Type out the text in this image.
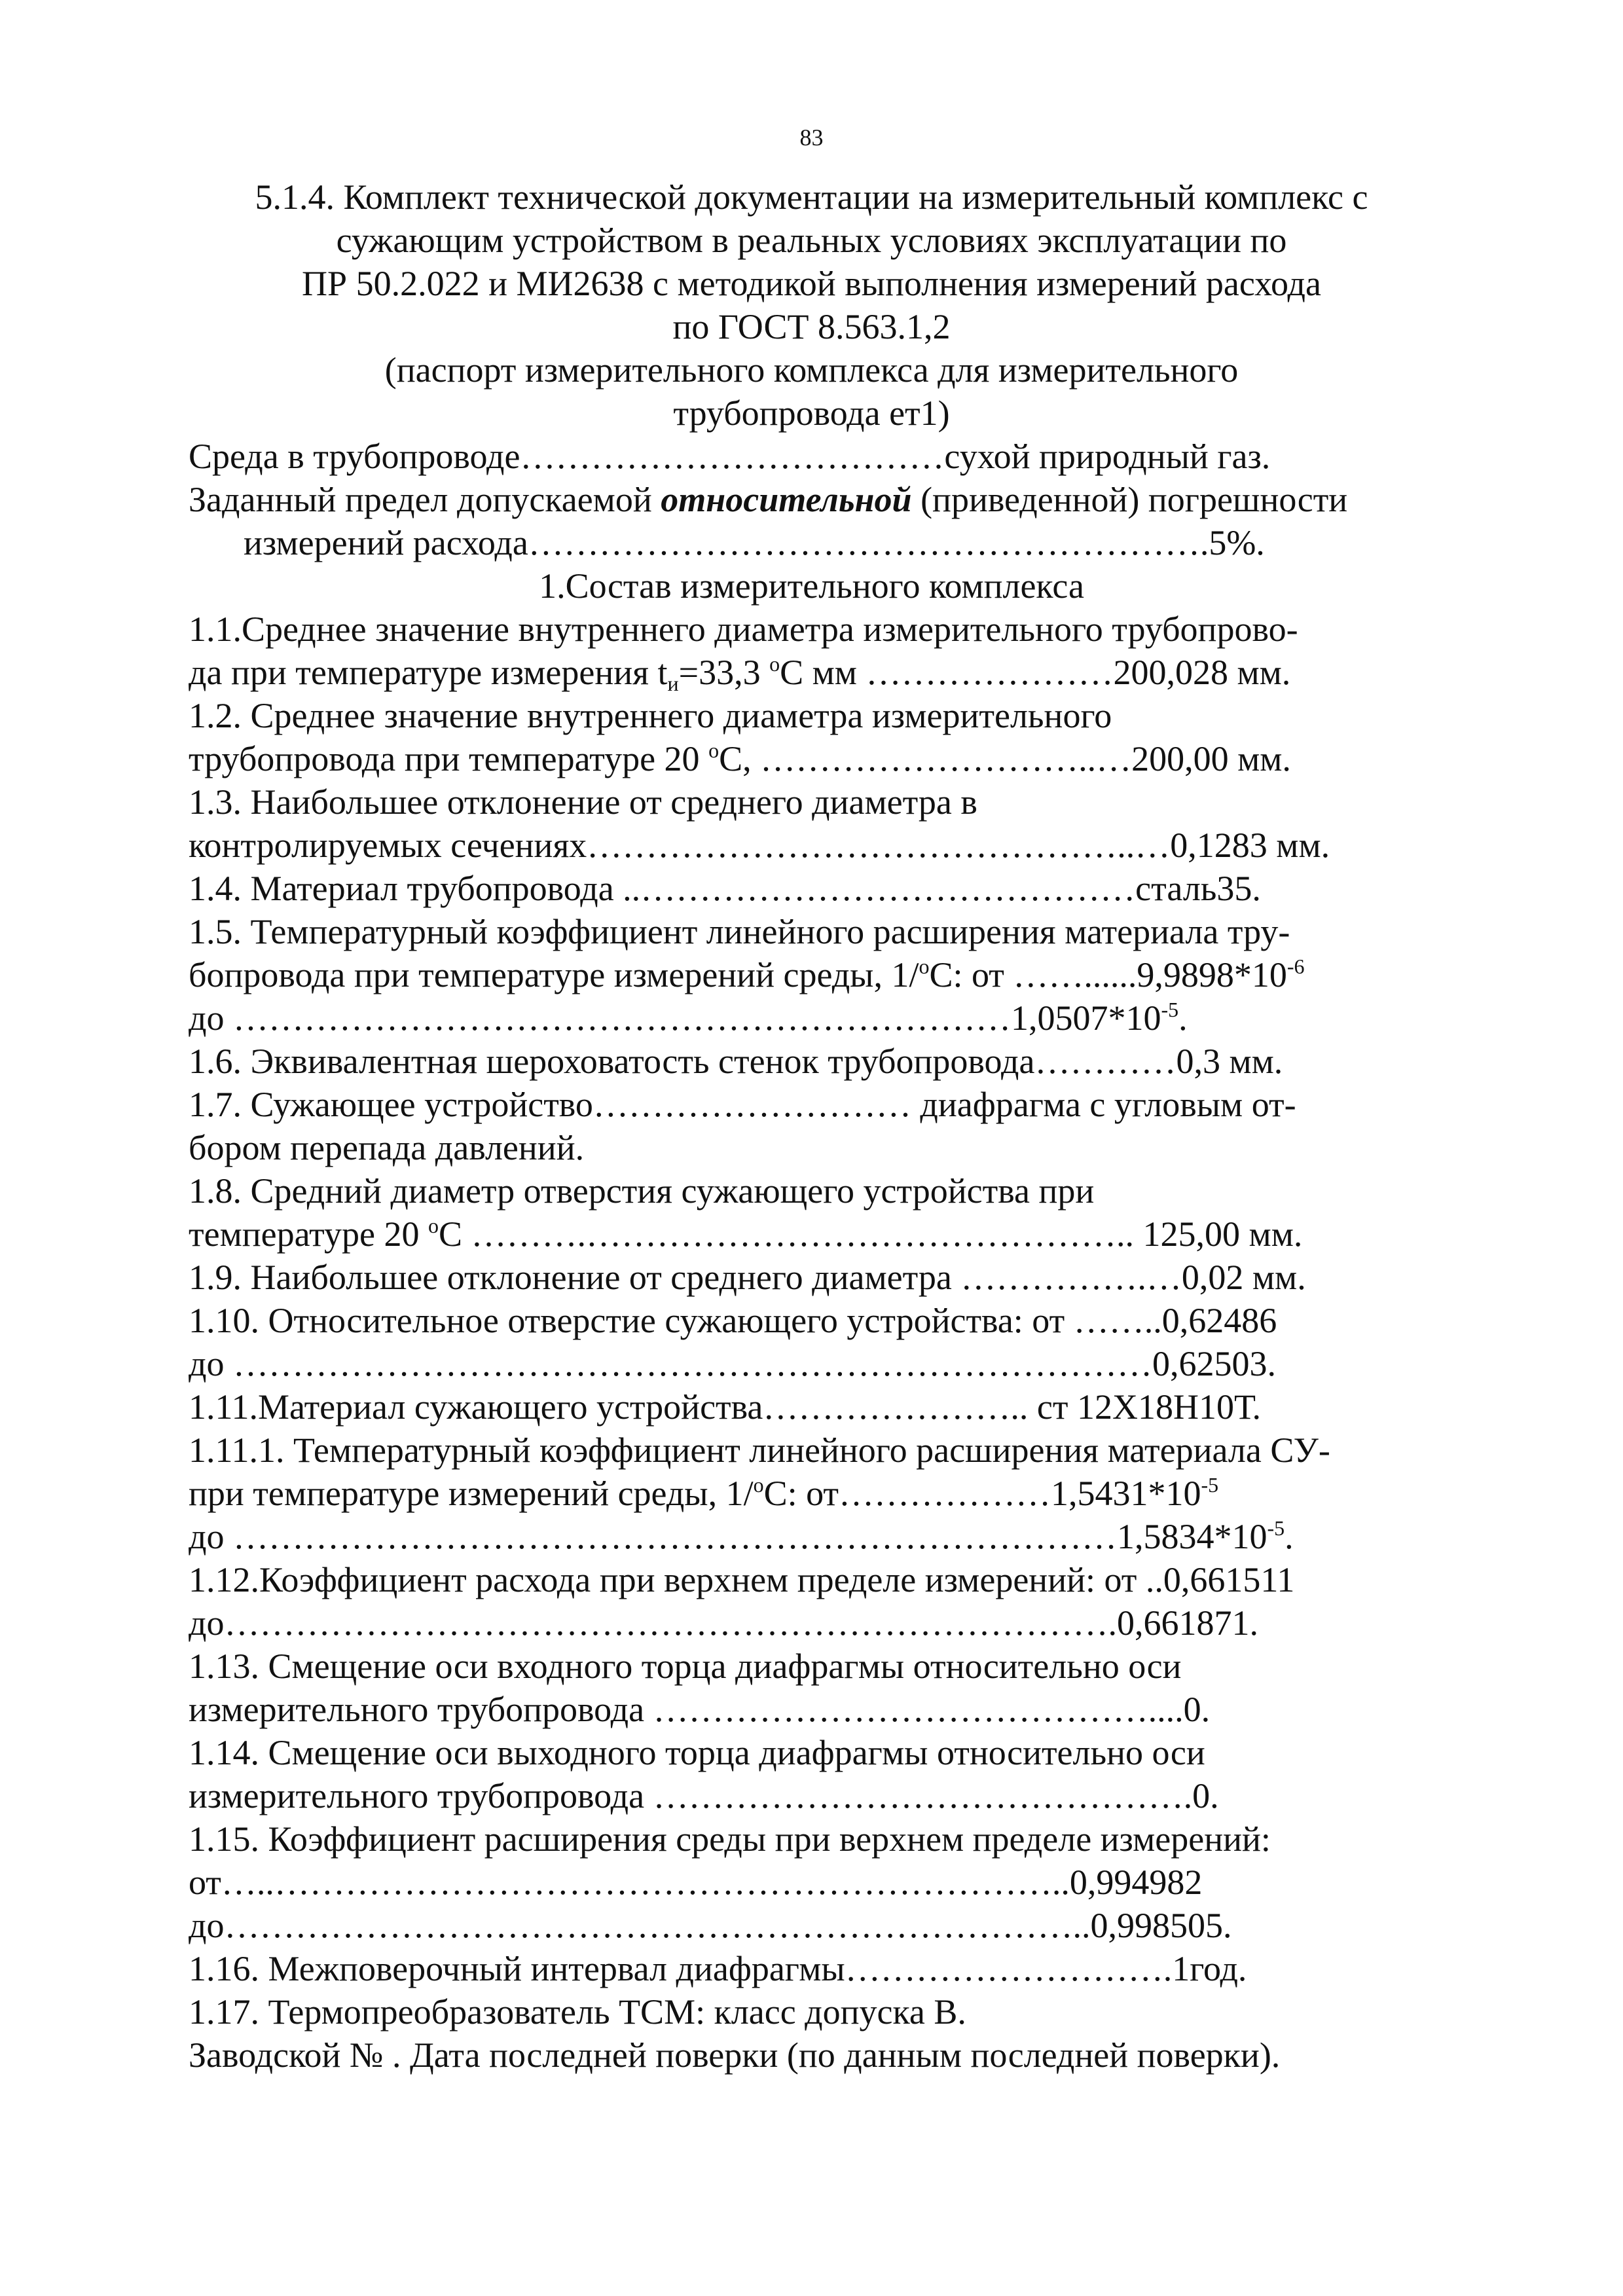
83
5.1.4. Комплект технической документации на измерительный комплекс с
сужающим устройством в реальных условиях эксплуатации по
ПР 50.2.022 и МИ2638 с методикой выполнения измерений расхода
по ГОСТ 8.563.1,2
(паспорт измерительного комплекса для измерительного
трубопровода ет1)
Среда в трубопроводе………………………………сухой природный газ.
Заданный предел допускаемой относительной (приведенной) погрешности
измерений расхода………………………………………………….5%.
1.Состав измерительного комплекса
1.1.Среднее значение внутреннего диаметра измерительного трубопрово-
да при температуре измерения $t_и=33,3$ $^o$С мм …………………200,028 мм.
1.2. Среднее значение внутреннего диаметра измерительного
трубопровода при температуре 20 $^о$С, ………………………..…200,00 мм.
1.3. Наибольшее отклонение от среднего диаметра в
контролируемых сечениях………………………………………..…0,1283 мм.
1.4. Материал трубопровода ..……………………………………сталь35.
1.5. Температурный коэффициент линейного расширения материала тру-
бопровода при температуре измерений среды, 1/$^о$С: от $\dots\dots......9,9898*10^{-6}$
до $\dots\dots\dots\dots\dots\dots\dots\dots\dots\dots\dots\dots\dots\dots\dots\dots\dots\dots\dots\dots\dots\dots 1,0507*10^{-5}$.
1.6. Эквивалентная шероховатость стенок трубопровода…………0,3 мм.
1.7. Сужающее устройство……………………… диафрагма с угловым от-
бором перепада давлений.
1.8. Средний диаметр отверстия сужающего устройства при
температуре 20 $^о$С ……….……………………………………….. 125,00 мм.
1.9. Наибольшее отклонение от среднего диаметра …………….…0,02 мм.
1.10. Относительное отверстие сужающего устройства: от ……..0,62486
до ……………………………………………………………………0,62503.
1.11.Материал сужающего устройства………………….. ст 12Х18Н10Т.
1.11.1. Температурный коэффициент линейного расширения материала СУ-
при температуре измерений среды, 1/$^о$С: $от\dots\dots\dots\dots\dots\dots 1,5431*10^{-5}$
до $\dots\dots\dots\dots\dots\dots\dots\dots\dots\dots\dots\dots\dots\dots\dots\dots\dots\dots\dots\dots\dots\dots\dots\dots\dots 1,5834*10^{-5}$.
1.12.Коэффициент расхода при верхнем пределе измерений: от ..0,661511
до………………………………………………………………….0,661871.
1.13. Смещение оси входного торца диафрагмы относительно оси
измерительного трубопровода ……………………………………....0.
1.14. Смещение оси выходного торца диафрагмы относительно оси
измерительного трубопровода ……………………………………….0.
1.15. Коэффициент расширения среды при верхнем пределе измерений:
от…..…………………………………………………………..0,994982
до………………………………………………………………..0,998505.
1.16. Межповерочный интервал диафрагмы……………………….1год.
1.17. Термопреобразователь ТСМ: класс допуска В.
Заводской № . Дата последней поверки (по данным последней поверки).
